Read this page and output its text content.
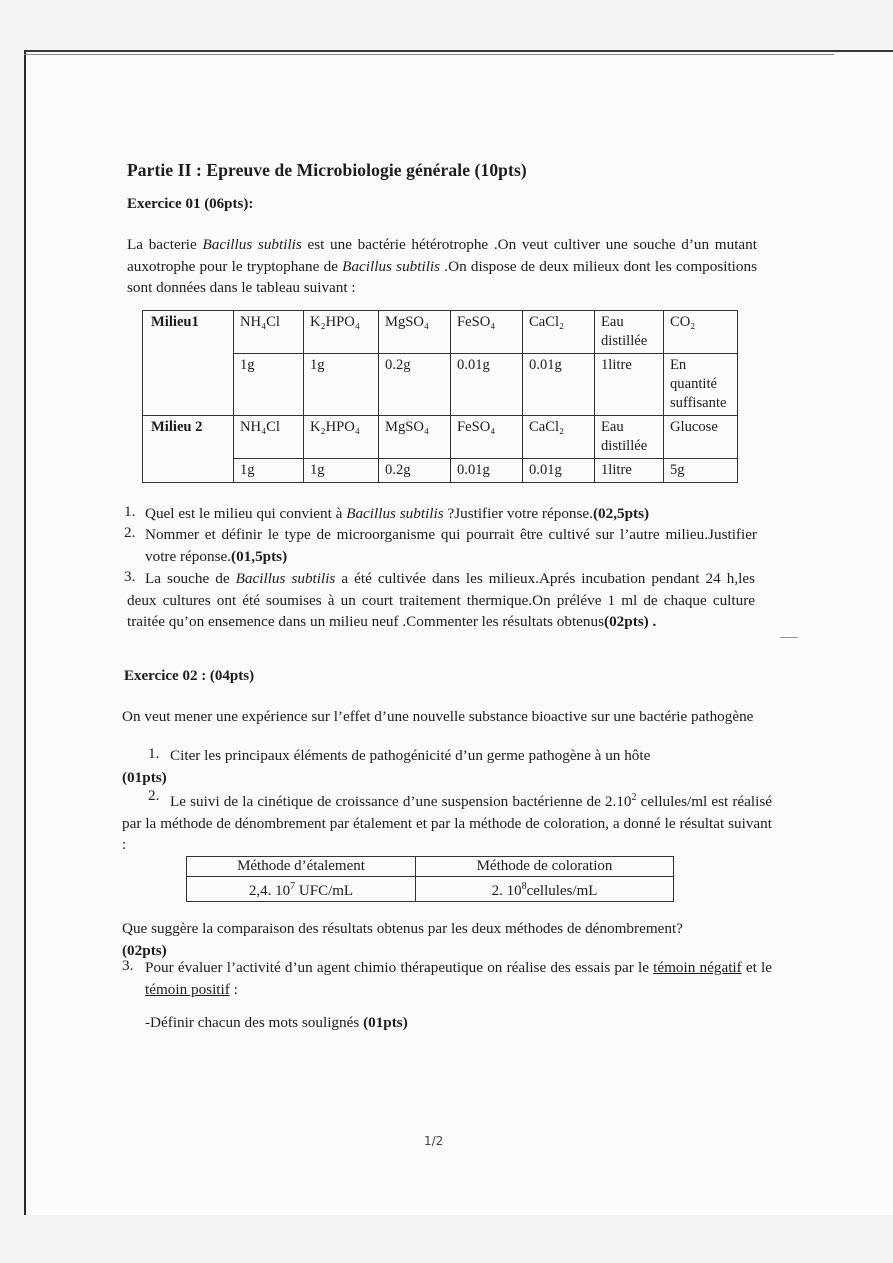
Partie II : Epreuve de Microbiologie générale (10pts)
Exercice 01 (06pts):

La bacterie Bacillus subtilis est une bactérie hétérotrophe .On veut cultiver une souche d’un mutant auxotrophe pour le tryptophane de Bacillus subtilis .On dispose de deux milieux dont les compositions sont données dans le tableau suivant :

Milieu1	NH₄Cl	K₂HPO₄	MgSO₄	FeSO₄	CaCl₂	Eau distillée	CO₂
	1g	1g	0.2g	0.01g	0.01g	1litre	En quantité suffisante
Milieu 2	NH₄Cl	K₂HPO₄	MgSO₄	FeSO₄	CaCl₂	Eau distillée	Glucose
	1g	1g	0.2g	0.01g	0.01g	1litre	5g
1. Quel est le milieu qui convient à Bacillus subtilis ?Justifier votre réponse.(02,5pts)

2. Nommer et définir le type de microorganisme qui pourrait être cultivé sur l’autre milieu.Justifier votre réponse.(01,5pts)

3. La souche de Bacillus subtilis a été cultivée dans les milieux.Aprés incubation pendant 24 h,les deux cultures ont été soumises à un court traitement thermique.On préléve 1 ml de chaque culture traitée qu’on ensemence dans un milieu neuf .Commenter les résultats obtenus(02pts) .

Exercice 02 : (04pts)

On veut mener une expérience sur l’effet d’une nouvelle substance bioactive sur une bactérie pathogène

1. Citer les principaux éléments de pathogénicité d’un germe pathogène à un hôte
(01pts)

2. Le suivi de la cinétique de croissance d’une suspension bactérienne de 2.10$^2$ cellules/ml est réalisé par la méthode de dénombrement par étalement et par la méthode de coloration, a donné le résultat suivant :

Méthode d’étalement	Méthode de coloration
2,4. $10^7$ UFC/mL	2. $10^8cellules/mL$

Que suggère la comparaison des résultats obtenus par les deux méthodes de dénombrement?
(02pts)

3. Pour évaluer l’activité d’un agent chimio thérapeutique on réalise des essais par le témoin négatif et le témoin positif :

-Définir chacun des mots soulignés (01pts)

1/2
